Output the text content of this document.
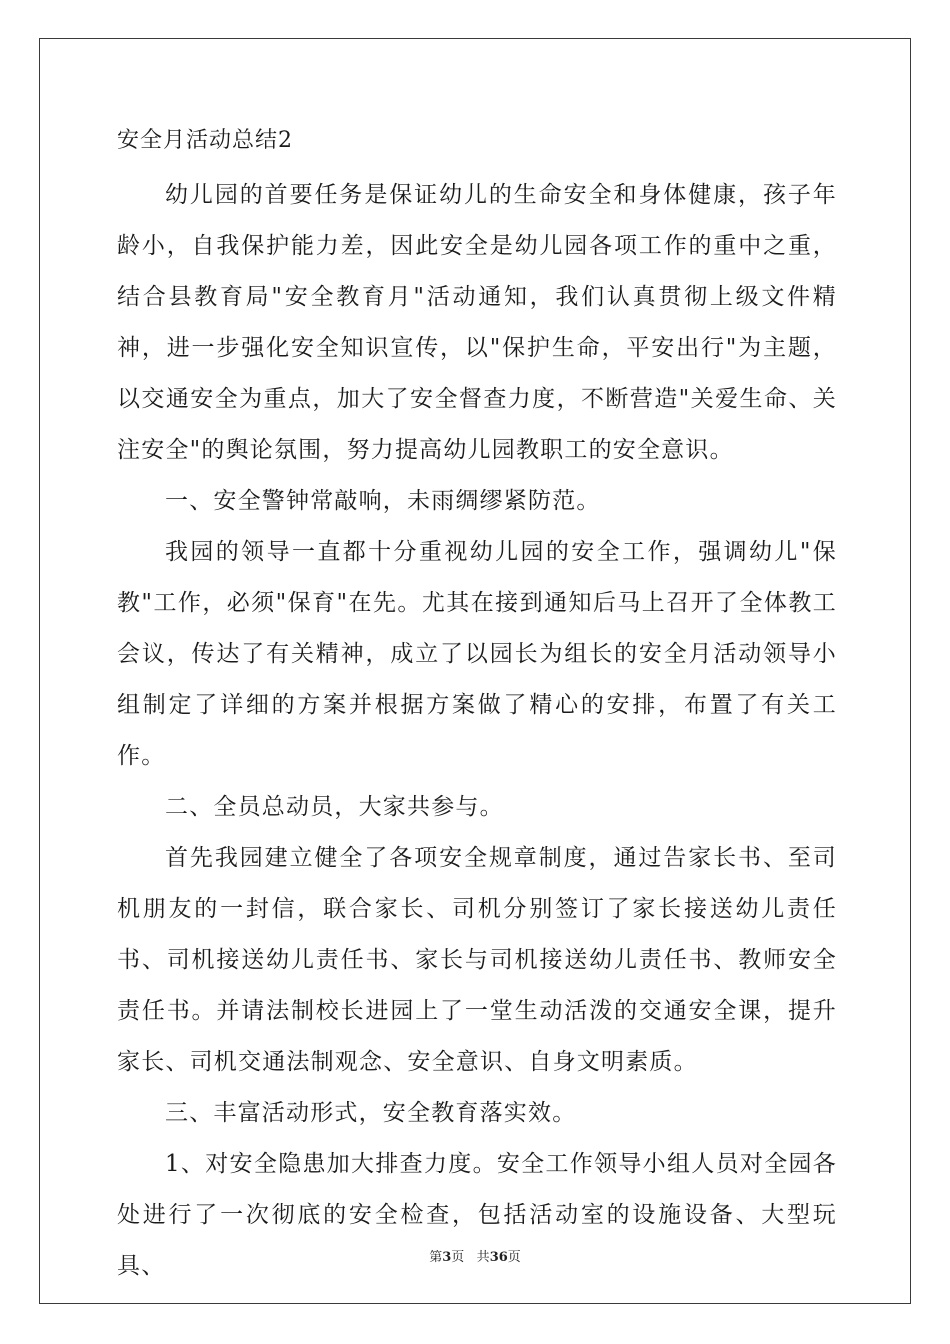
安全月活动总结2

幼儿园的首要任务是保证幼儿的生命安全和身体健康，孩子年龄小，自我保护能力差，因此安全是幼儿园各项工作的重中之重，结合县教育局"安全教育月"活动通知，我们认真贯彻上级文件精神，进一步强化安全知识宣传，以"保护生命，平安出行"为主题，以交通安全为重点，加大了安全督查力度，不断营造"关爱生命、关注安全"的舆论氛围，努力提高幼儿园教职工的安全意识。

一、安全警钟常敲响，未雨绸缪紧防范。

我园的领导一直都十分重视幼儿园的安全工作，强调幼儿"保教"工作，必须"保育"在先。尤其在接到通知后马上召开了全体教工会议，传达了有关精神，成立了以园长为组长的安全月活动领导小组制定了详细的方案并根据方案做了精心的安排，布置了有关工作。

二、全员总动员，大家共参与。

首先我园建立健全了各项安全规章制度，通过告家长书、至司机朋友的一封信，联合家长、司机分别签订了家长接送幼儿责任书、司机接送幼儿责任书、家长与司机接送幼儿责任书、教师安全责任书。并请法制校长进园上了一堂生动活泼的交通安全课，提升家长、司机交通法制观念、安全意识、自身文明素质。

三、丰富活动形式，安全教育落实效。

1、对安全隐患加大排查力度。安全工作领导小组人员对全园各处进行了一次彻底的安全检查，包括活动室的设施设备、大型玩具、	第3页 共36页
